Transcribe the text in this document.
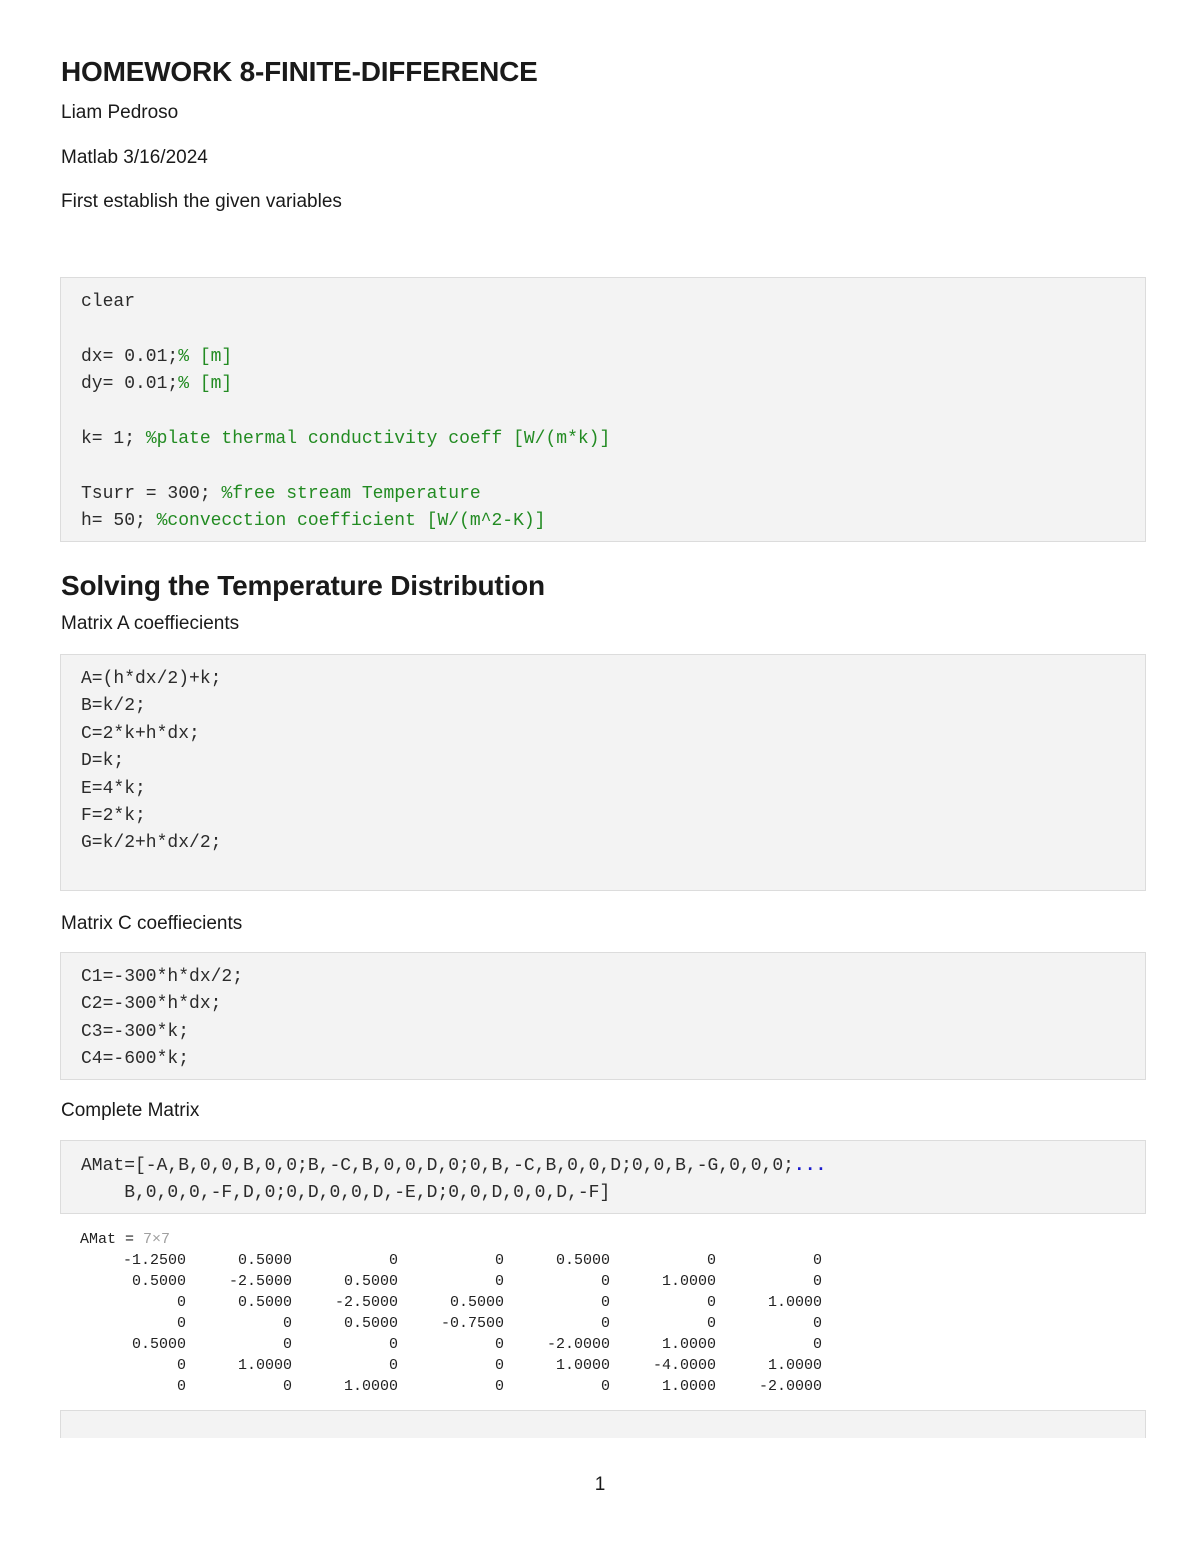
HOMEWORK 8-FINITE-DIFFERENCE

Liam Pedroso

Matlab 3/16/2024

First establish the given variables

clear

dx= 0.01;% [m]
dy= 0.01;% [m]

k= 1; %plate thermal conductivity coeff [W/(m*k)]

Tsurr = 300; %free stream Temperature
h= 50; %convecction coefficient [W/(m^2-K)]
Solving the Temperature Distribution

Matrix A coeffiecients

A=(h*dx/2)+k;
B=k/2;
C=2*k+h*dx;
D=k;
E=4*k;
F=2*k;
G=k/2+h*dx/2;

Matrix C coeffiecients

C1=-300*h*dx/2;
C2=-300*h*dx;
C3=-300*k;
C4=-600*k;

Complete Matrix

AMat=[-A,B,0,0,B,0,0;B,-C,B,0,0,D,0;0,B,-C,B,0,0,D;0,0,B,-G,0,0,0;...
B,0,0,0,-F,D,0;0,D,0,0,D,-E,D;0,0,D,0,0,D,-F]
AMat = 7×7
-1.2500	0.5000	0	0	0.5000	0	0
0.5000	-2.5000	0.5000	0	0	1.0000	0
0	0.5000	-2.5000	0.5000	0	0	1.0000
0	0	0.5000	-0.7500	0	0	0
0.5000	0	0	0	-2.0000	1.0000	0
0	1.0000	0	0	1.0000	-4.0000	1.0000
0	0	1.0000	0	0	1.0000	-2.0000
1
